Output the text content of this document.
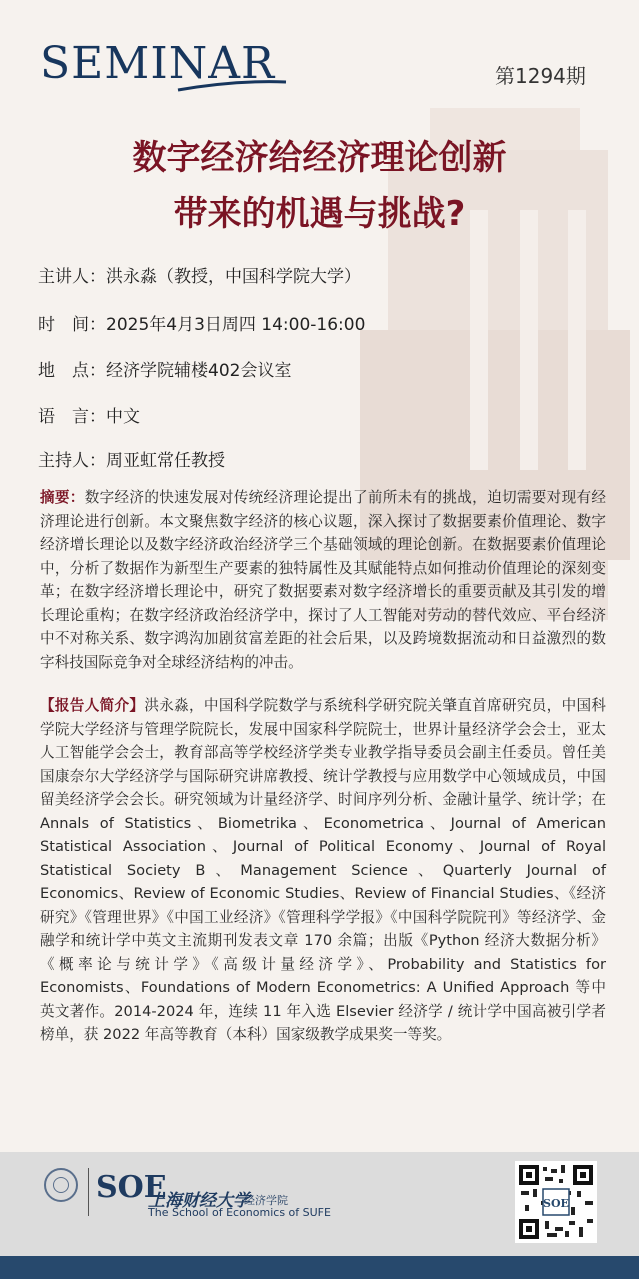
SEMINAR	第1294期
数字经济给经济理论创新
带来的机遇与挑战?
主讲人：洪永淼（教授，中国科学院大学）
时　间：2025年4月3日周四 14:00-16:00
地　点：经济学院辅楼402会议室
语　言：中文
主持人：周亚虹常任教授
摘要：数字经济的快速发展对传统经济理论提出了前所未有的挑战，迫切需要对现有经济理论进行创新。本文聚焦数字经济的核心议题，深入探讨了数据要素价值理论、数字经济增长理论以及数字经济政治经济学三个基础领域的理论创新。在数据要素价值理论中，分析了数据作为新型生产要素的独特属性及其赋能特点如何推动价值理论的深刻变革；在数字经济增长理论中，研究了数据要素对数字经济增长的重要贡献及其引发的增长理论重构；在数字经济政治经济学中，探讨了人工智能对劳动的替代效应、平台经济中不对称关系、数字鸿沟加剧贫富差距的社会后果，以及跨境数据流动和日益激烈的数字科技国际竞争对全球经济结构的冲击。
【报告人简介】洪永淼，中国科学院数学与系统科学研究院关肇直首席研究员，中国科学院大学经济与管理学院院长，发展中国家科学院院士，世界计量经济学会会士，亚太人工智能学会会士，教育部高等学校经济学类专业教学指导委员会副主任委员。曾任美国康奈尔大学经济学与国际研究讲席教授、统计学教授与应用数学中心领域成员，中国留美经济学会会长。研究领域为计量经济学、时间序列分析、金融计量学、统计学；在 Annals of Statistics、Biometrika、Econometrica、Journal of American Statistical Association、Journal of Political Economy、Journal of Royal Statistical Society B、Management Science、Quarterly Journal of Economics、Review of Economic Studies、Review of Financial Studies、《经济研究》《管理世界》《中国工业经济》《管理科学学报》《中国科学院院刊》等经济学、金融学和统计学中英文主流期刊发表文章 170 余篇；出版《Python 经济大数据分析》《概率论与统计学》《高级计量经济学》、Probability and Statistics for Economists、Foundations of Modern Econometrics: A Unified Approach 等中英文著作。2014-2024 年，连续 11 年入选 Elsevier 经济学 / 统计学中国高被引学者榜单，获 2022 年高等教育（本科）国家级教学成果奖一等奖。
SOE
上海财经大学
经济学院
The School of Economics of SUFE
SOE
